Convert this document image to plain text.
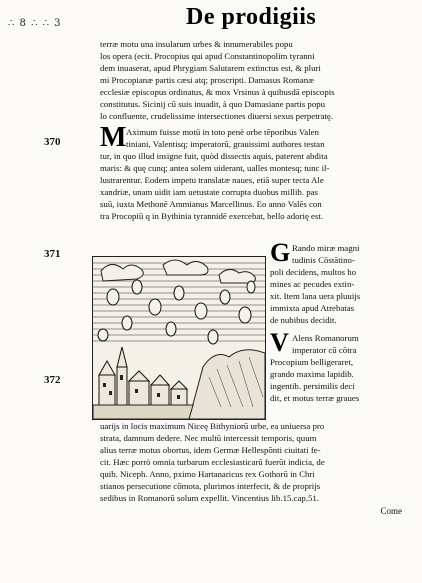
∴ 8 ∴ ∴ 3	De prodigiis
terræ motu una insularum urbes & innumerabiles popu
los opera (ecit. Procopius qui apud Constantinopolim tyranni
dem inuaserat, apud Phrygiam Salutarem extinctus est, & pluri
mi Procopianæ partis cæsi atq; proscripti. Damasus Romanæ
ecclesiæ episcopus ordinatus, & mox Vrsinus à quibusdā episcopis
constitutus. Sicinij cū suis inuadit, à quo Damasiane partis popu
lo confluente, crudelissime intersectiones diuersi sexus perpetratę.
370
371
372
M Aximum fuisse motū in toto penè orbe tēporibus Valen
tiniani, Valentisq; imperatorū, grauissimi authores testan
tur, in quo illud insigne fuit, quòd dissectis aquis, paterent abdita
maris: & quę cunq; antea solem uiderant, ualles montesq; tunc il-
lustrarentur. Eodem impetu translatæ naues, etiā super tecta Ale
xandriæ, unam uidit iam uetustate corrupta duobus millib. pas
suū, iuxta Methonē Ammianus Marcellinus. Eo anno Valēs con
tra Procopiū q in Bythinia tyrannidē exercebat, bello adorię est.
G Rando miræ magni
tudinis Cōstātino-
poli decidens, multos ho
mines ac pecudes extin-
xit. Item lana uera pluuijs
immixta apud Atrebatas
de nubibus decidit.
V Alens Romanorum
imperator cū cōtra
Procopium belligeraret,
grando maxima lapidib.
ingentib. persimilis deci
dit, et motus terræ graues
uarijs in locis maximum Niceę Bithyniorū urbe, ea uniuersa pro
strata, damnum dedere. Nec multū intercessit temporis, quum
alius terræ motus obortus, idem Germæ Hellespōnti ciuitati fe-
cit. Hæc porrò omnia turbarum ecclesiasticarū fuerūt indicia, de
quib. Niceph. Anno, pximo Hartanaricus rex Gothorū in Chri
stianos persecutione cōmota, plurimos interfecit, & de proprijs
sedibus in Romanorū solum expellit. Vincentius lib.15.cap.51.
Come
